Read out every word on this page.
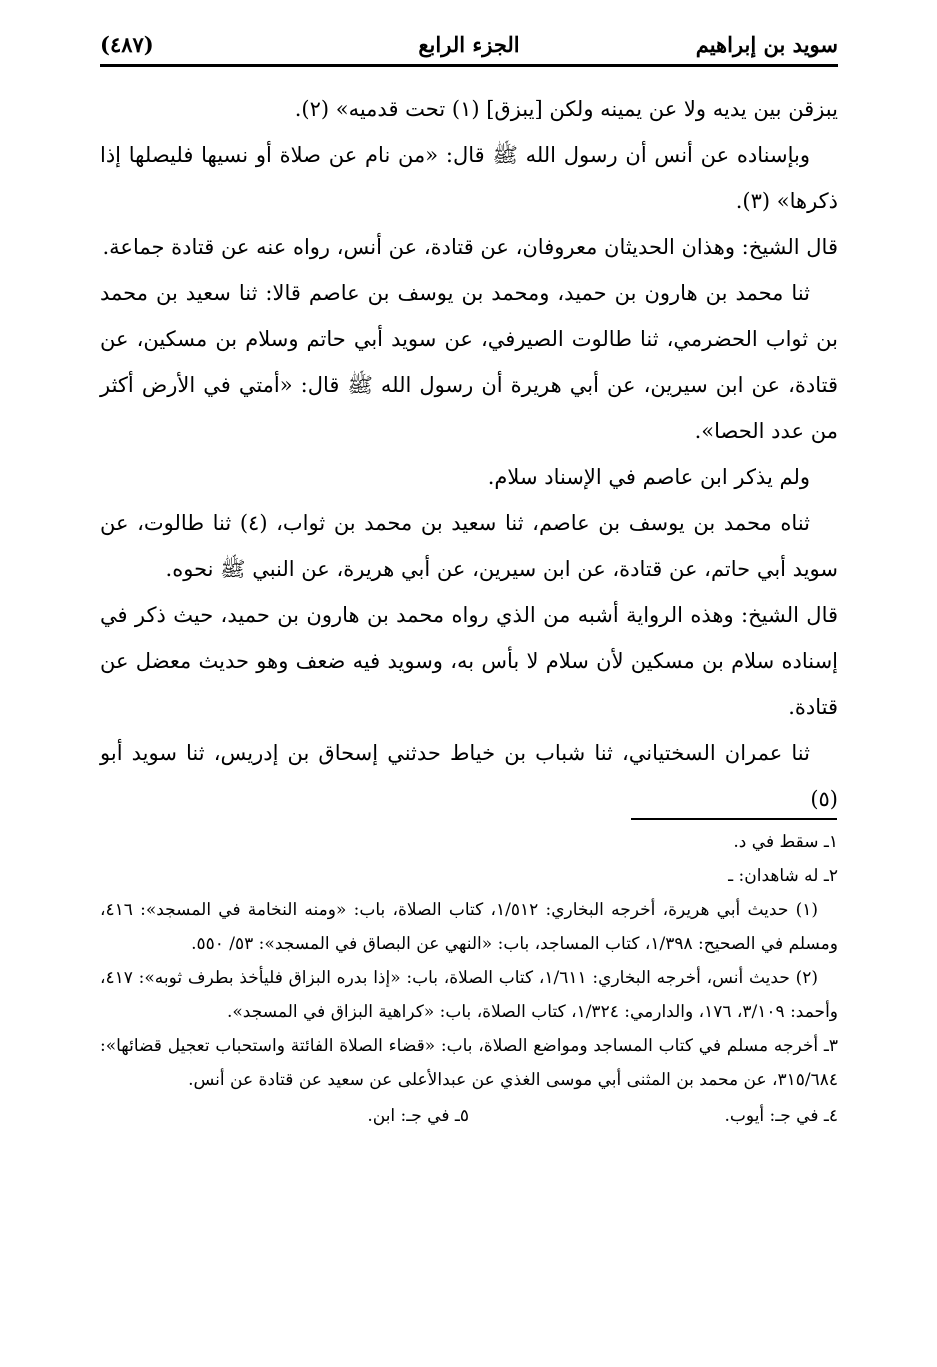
سويد بن إبراهيم
الجزء الرابع
(٤٨٧)

يبزقن بين يديه ولا عن يمينه ولكن [يبزق] (١) تحت قدميه» (٢).

وبإسناده عن أنس أن رسول الله ﷺ قال: «من نام عن صلاة أو نسيها فليصلها إذا ذكرها» (٣).

قال الشيخ: وهذان الحديثان معروفان، عن قتادة، عن أنس، رواه عنه عن قتادة جماعة.

ثنا محمد بن هارون بن حميد، ومحمد بن يوسف بن عاصم قالا: ثنا سعيد بن محمد بن ثواب الحضرمي، ثنا طالوت الصيرفي، عن سويد أبي حاتم وسلام بن مسكين، عن قتادة، عن ابن سيرين، عن أبي هريرة أن رسول الله ﷺ قال: «أمتي في الأرض أكثر من عدد الحصا».

ولم يذكر ابن عاصم في الإسناد سلام.

ثناه محمد بن يوسف بن عاصم، ثنا سعيد بن محمد بن ثواب، (٤) ثنا طالوت، عن سويد أبي حاتم، عن قتادة، عن ابن سيرين، عن أبي هريرة، عن النبي ﷺ نحوه.

قال الشيخ: وهذه الرواية أشبه من الذي رواه محمد بن هارون بن حميد، حيث ذكر في إسناده سلام بن مسكين لأن سلام لا بأس به، وسويد فيه ضعف وهو حديث معضل عن قتادة.

ثنا عمران السختياني، ثنا شباب بن خياط حدثني إسحاق بن إدريس، ثنا سويد أبو (٥)

١ـ سقط في د.

٢ـ له شاهدان: ـ

(١) حديث أبي هريرة، أخرجه البخاري: ١/٥١٢، كتاب الصلاة، باب: «ومنه النخامة في المسجد»: ٤١٦، ومسلم في الصحيح: ١/٣٩٨، كتاب المساجد، باب: «النهي عن البصاق في المسجد»: ٥٣/ ٥٥٠.

(٢) حديث أنس، أخرجه البخاري: ١/٦١١، كتاب الصلاة، باب: «إذا بدره البزاق فليأخذ بطرف ثوبه»: ٤١٧، وأحمد: ٣/١٠٩، ١٧٦، والدارمي: ١/٣٢٤، كتاب الصلاة، باب: «كراهية البزاق في المسجد».

٣ـ أخرجه مسلم في كتاب المساجد ومواضع الصلاة، باب: «قضاء الصلاة الفائتة واستحباب تعجيل قضائها»: ٣١٥/٦٨٤، عن محمد بن المثنى أبي موسى الغذي عن عبدالأعلى عن سعيد عن قتادة عن أنس.

٤ـ في جـ: أيوب.
٥ـ في جـ: ابن.
